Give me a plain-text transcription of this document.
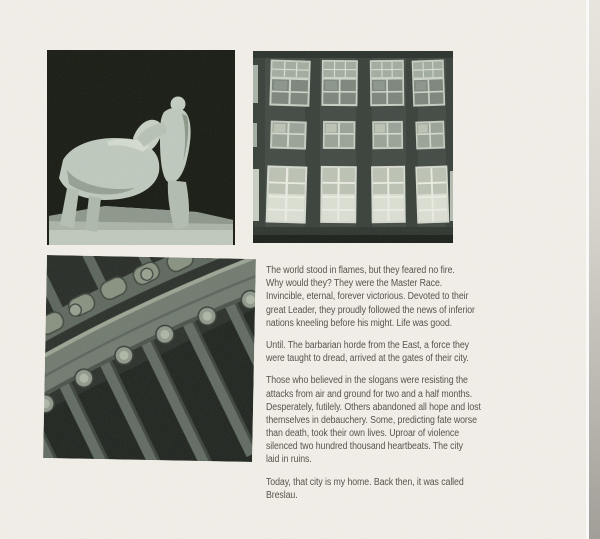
The world stood in flames, but they feared no fire.
Why would they? They were the Master Race.
Invincible, eternal, forever victorious. Devoted to their
great Leader, they proudly followed the news of inferior
nations kneeling before his might. Life was good.
Until. The barbarian horde from the East, a force they
were taught to dread, arrived at the gates of their city.
Those who believed in the slogans were resisting the
attacks from air and ground for two and a half months.
Desperately, futilely. Others abandoned all hope and lost
themselves in debauchery. Some, predicting fate worse
than death, took their own lives. Uproar of violence
silenced two hundred thousand heartbeats. The city
laid in ruins.
Today, that city is my home. Back then, it was called
Breslau.
